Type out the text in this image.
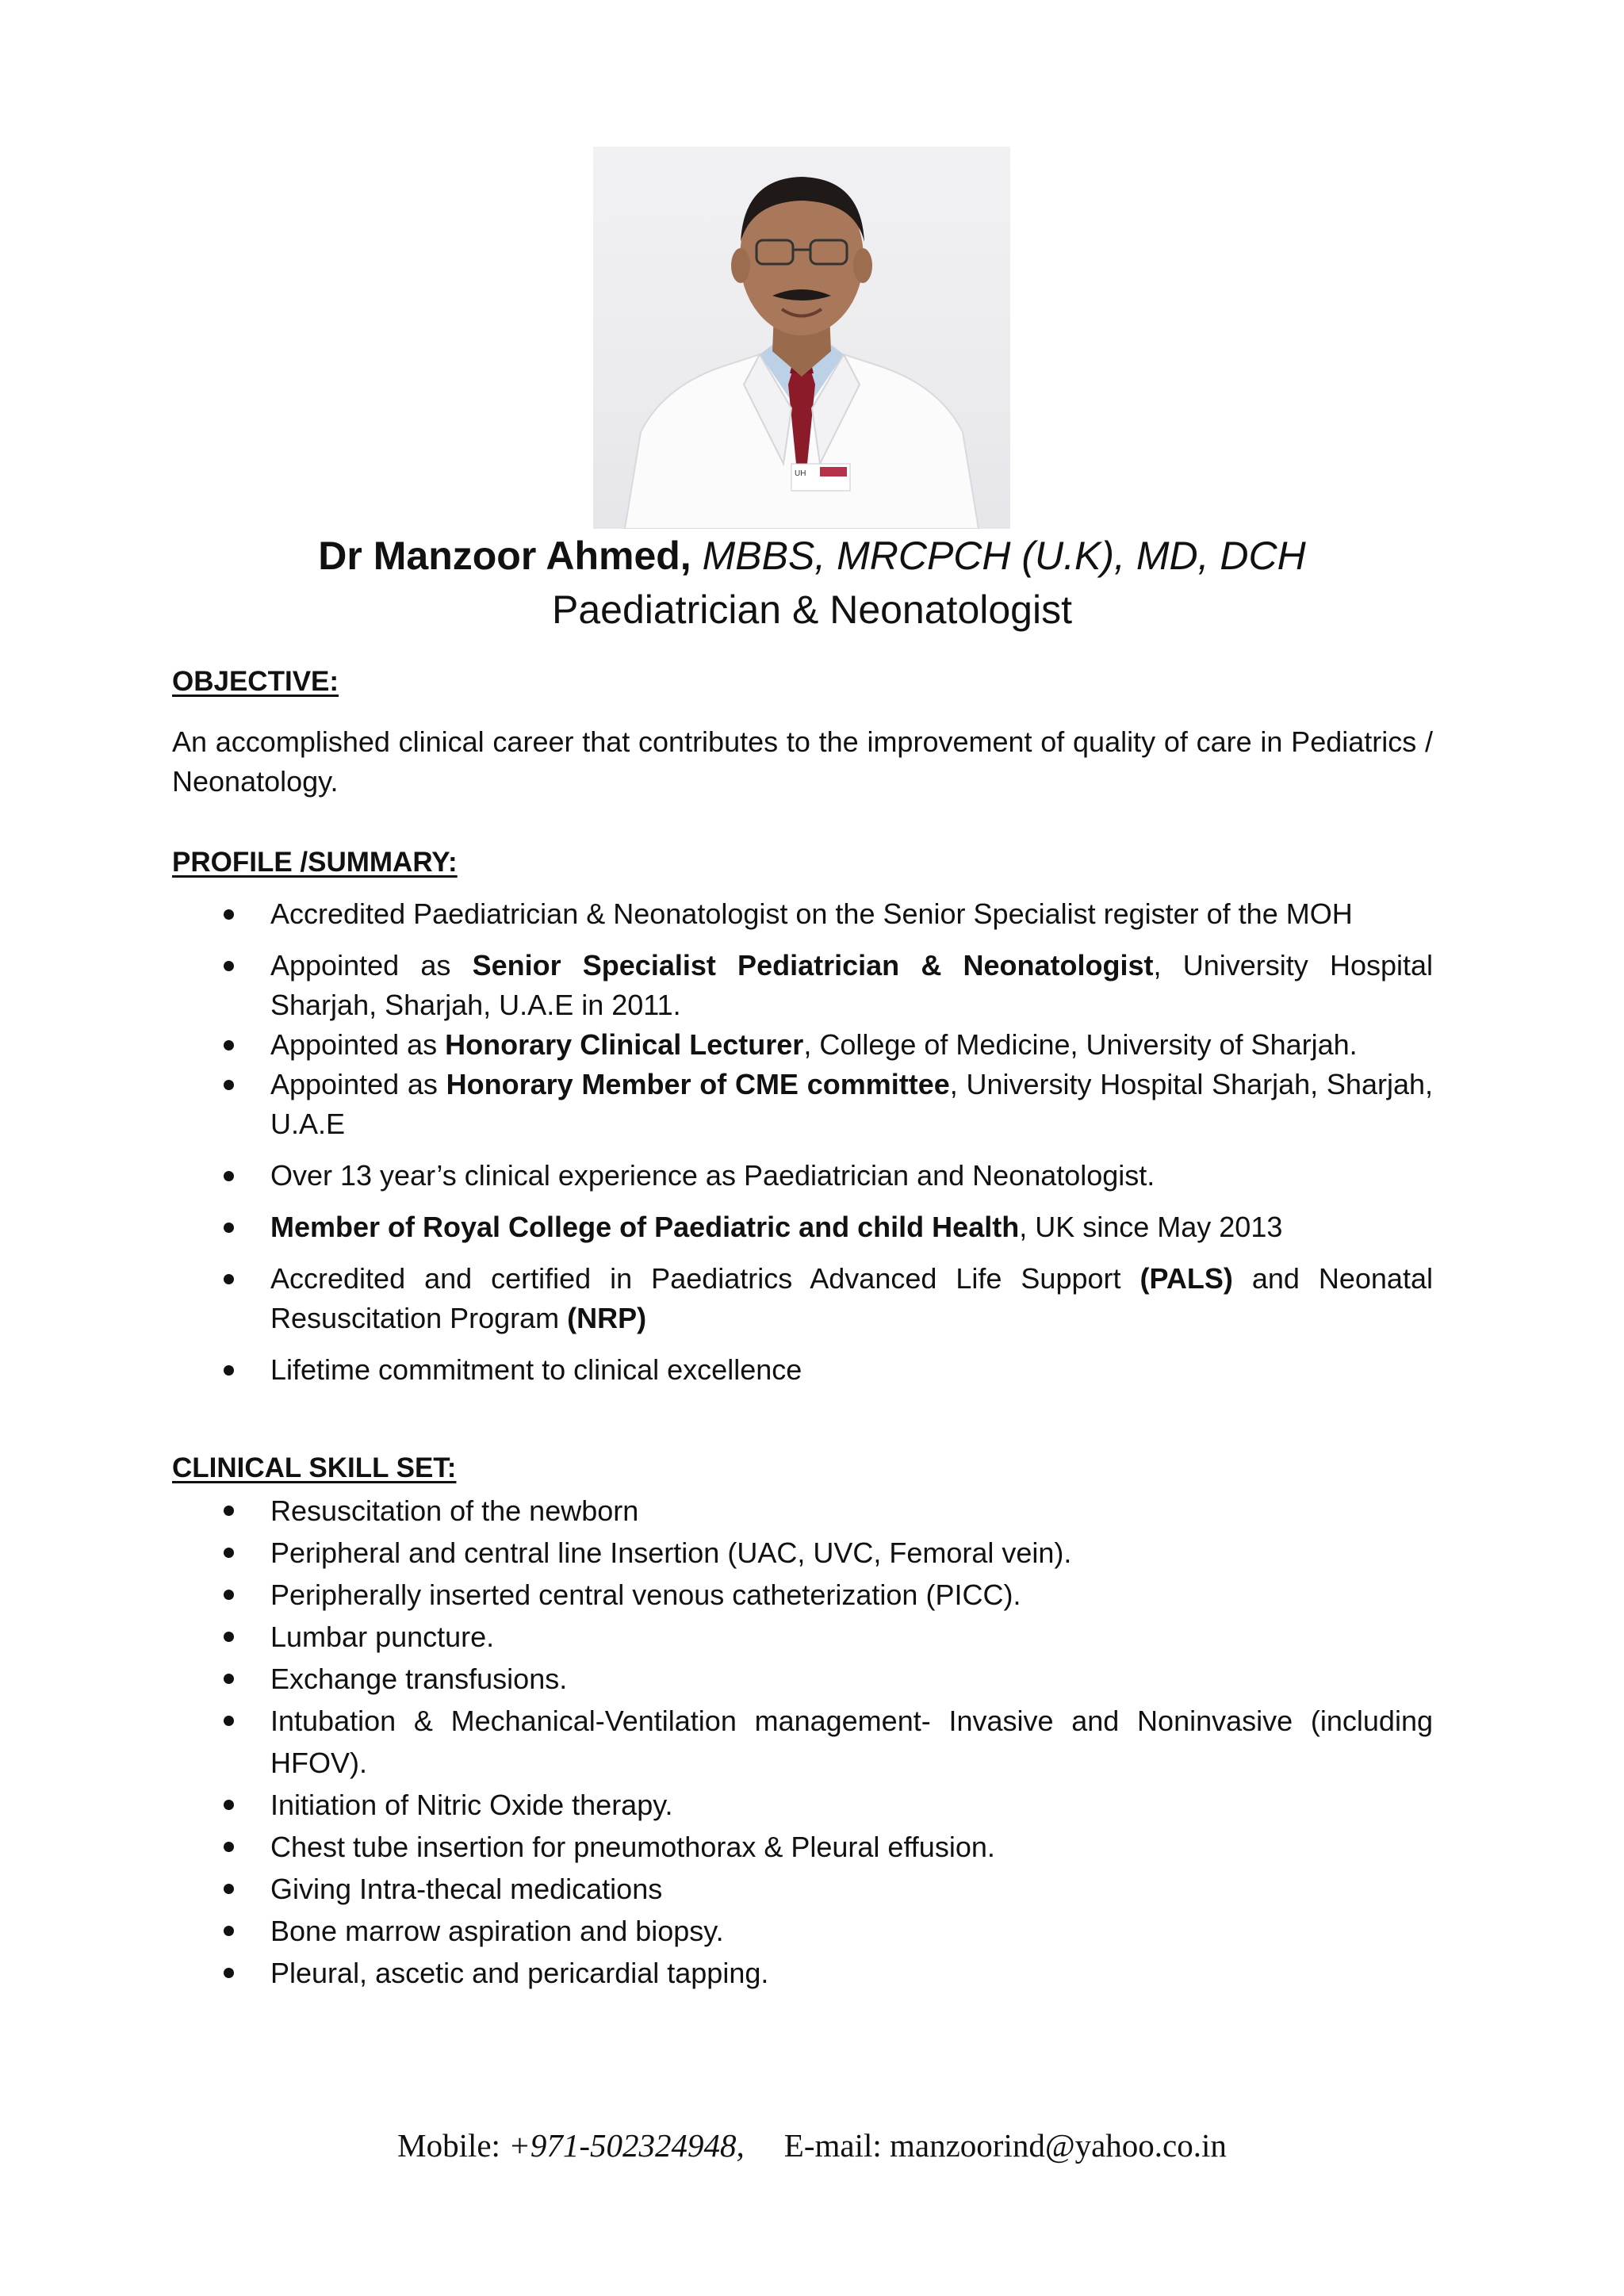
UH
Dr Manzoor Ahmed, MBBS, MRCPCH (U.K), MD, DCH
Paediatrician & Neonatologist
OBJECTIVE:
An accomplished clinical career that contributes to the improvement of quality of care in Pediatrics / Neonatology.
PROFILE /SUMMARY:
Accredited Paediatrician & Neonatologist on the Senior Specialist register of the MOH
Appointed as Senior Specialist Pediatrician & Neonatologist, University Hospital Sharjah, Sharjah, U.A.E in 2011.
Appointed as Honorary Clinical Lecturer, College of Medicine, University of Sharjah.
Appointed as Honorary Member of CME committee, University Hospital Sharjah, Sharjah, U.A.E
Over 13 year’s clinical experience as Paediatrician and Neonatologist.
Member of Royal College of Paediatric and child Health, UK since May 2013
Accredited and certified in Paediatrics Advanced Life Support (PALS) and Neonatal Resuscitation Program (NRP)
Lifetime commitment to clinical excellence
CLINICAL SKILL SET:
Resuscitation of the newborn
Peripheral and central line Insertion (UAC, UVC, Femoral vein).
Peripherally inserted central venous catheterization (PICC).
Lumbar puncture.
Exchange transfusions.
Intubation & Mechanical-Ventilation management- Invasive and Noninvasive (including HFOV).
Initiation of Nitric Oxide therapy.
Chest tube insertion for pneumothorax & Pleural effusion.
Giving Intra-thecal medications
Bone marrow aspiration and biopsy.
Pleural, ascetic and pericardial tapping.
Mobile: +971-502324948, E-mail: manzoorind@yahoo.co.in
